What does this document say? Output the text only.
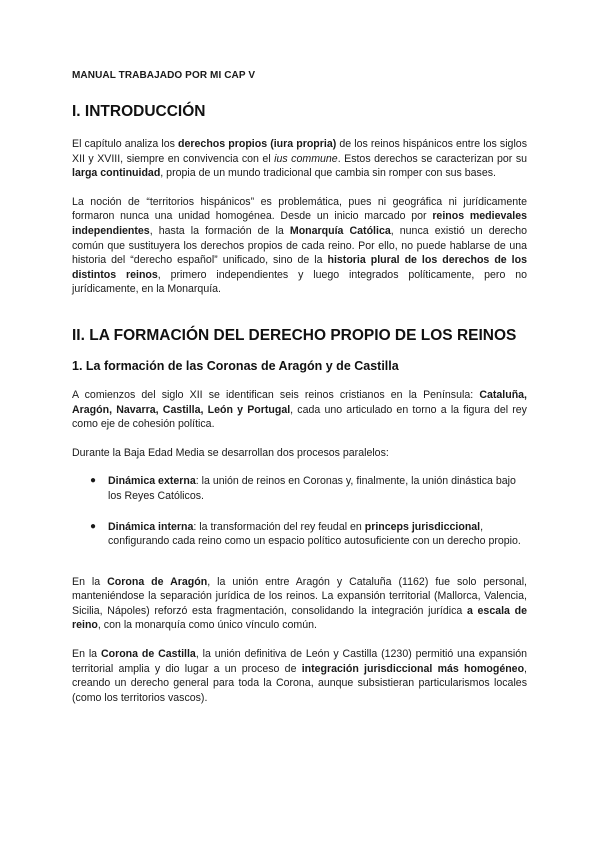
MANUAL TRABAJADO POR MI CAP V
I. INTRODUCCIÓN

El capítulo analiza los derechos propios (iura propria) de los reinos hispánicos entre los siglos XII y XVIII, siempre en convivencia con el ius commune. Estos derechos se caracterizan por su larga continuidad, propia de un mundo tradicional que cambia sin romper con sus bases.

La noción de “territorios hispánicos” es problemática, pues ni geográfica ni jurídicamente formaron nunca una unidad homogénea. Desde un inicio marcado por reinos medievales independientes, hasta la formación de la Monarquía Católica, nunca existió un derecho común que sustituyera los derechos propios de cada reino. Por ello, no puede hablarse de una historia del “derecho español” unificado, sino de la historia plural de los derechos de los distintos reinos, primero independientes y luego integrados políticamente, pero no jurídicamente, en la Monarquía.

II. LA FORMACIÓN DEL DERECHO PROPIO DE LOS REINOS
1. La formación de las Coronas de Aragón y de Castilla

A comienzos del siglo XII se identifican seis reinos cristianos en la Península: Cataluña, Aragón, Navarra, Castilla, León y Portugal, cada uno articulado en torno a la figura del rey como eje de cohesión política.

Durante la Baja Edad Media se desarrollan dos procesos paralelos:

● Dinámica externa: la unión de reinos en Coronas y, finalmente, la unión dinástica bajo los Reyes Católicos.
● Dinámica interna: la transformación del rey feudal en princeps jurisdiccional, configurando cada reino como un espacio político autosuficiente con un derecho propio.

En la Corona de Aragón, la unión entre Aragón y Cataluña (1162) fue solo personal, manteniéndose la separación jurídica de los reinos. La expansión territorial (Mallorca, Valencia, Sicilia, Nápoles) reforzó esta fragmentación, consolidando la integración jurídica a escala de reino, con la monarquía como único vínculo común.

En la Corona de Castilla, la unión definitiva de León y Castilla (1230) permitió una expansión territorial amplia y dio lugar a un proceso de integración jurisdiccional más homogéneo, creando un derecho general para toda la Corona, aunque subsistieran particularismos locales (como los territorios vascos).
